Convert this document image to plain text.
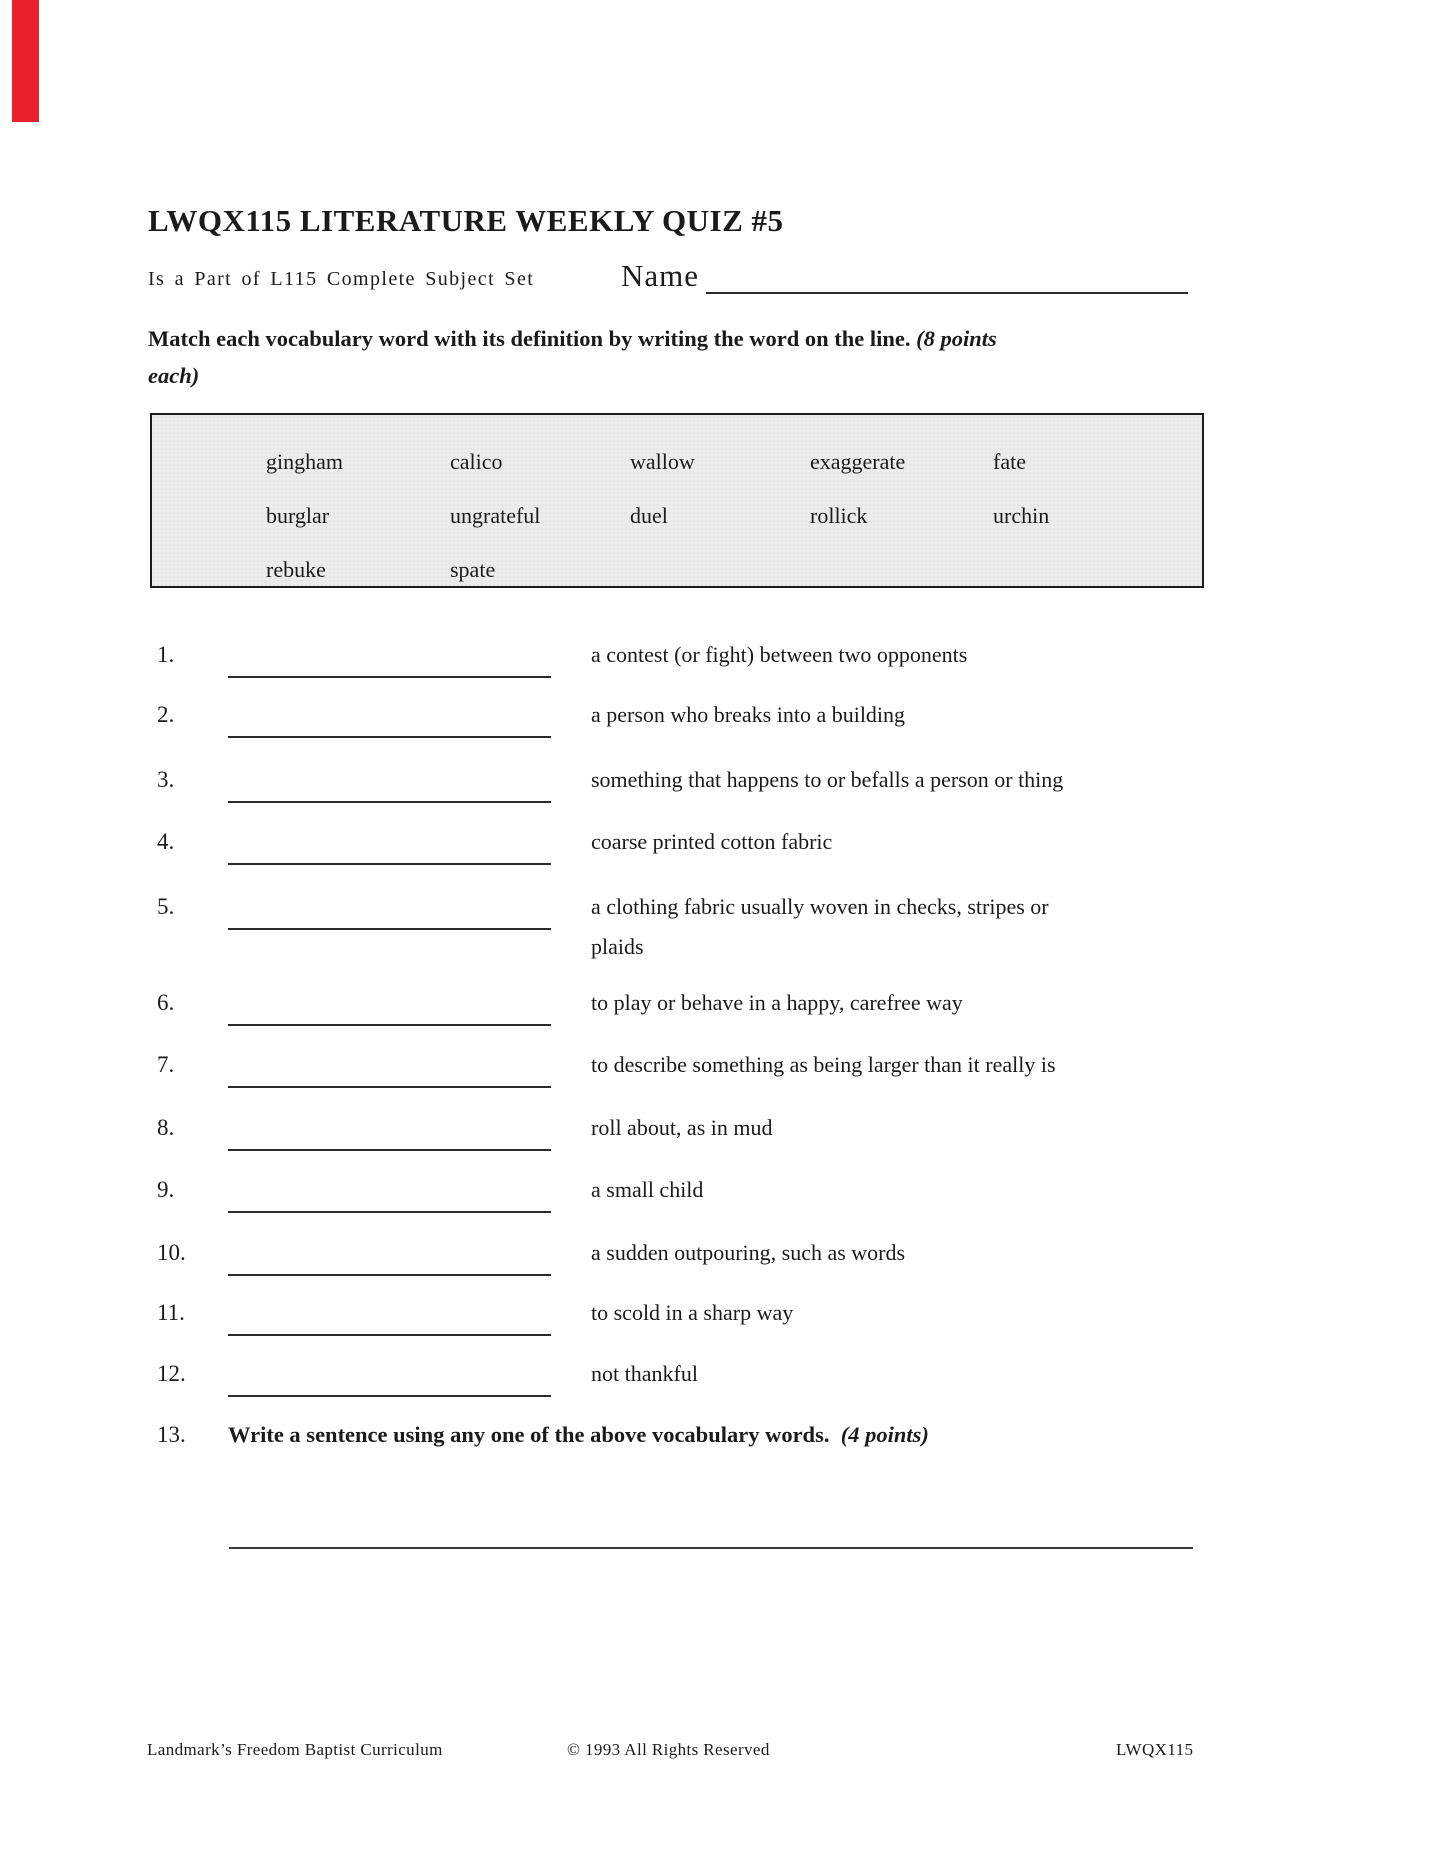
LWQX115 LITERATURE WEEKLY QUIZ #5
Is a Part of L115 Complete Subject Set	Name
Match each vocabulary word with its definition by writing the word on the line. (8 points
each)
gingham	calico	wallow	exaggerate	fate
burglar	ungrateful	duel	rollick	urchin
rebuke	spate
1.	a contest (or fight) between two opponents
2.	a person who breaks into a building
3.	something that happens to or befalls a person or thing
4.	coarse printed cotton fabric
5.	a clothing fabric usually woven in checks, stripes or
plaids
6.	to play or behave in a happy, carefree way
7.	to describe something as being larger than it really is
8.	roll about, as in mud
9.	a small child
10.	a sudden outpouring, such as words
11.	to scold in a sharp way
12.	not thankful
13. Write a sentence using any one of the above vocabulary words. (4 points)
Landmark’s Freedom Baptist Curriculum	© 1993 All Rights Reserved	LWQX115
